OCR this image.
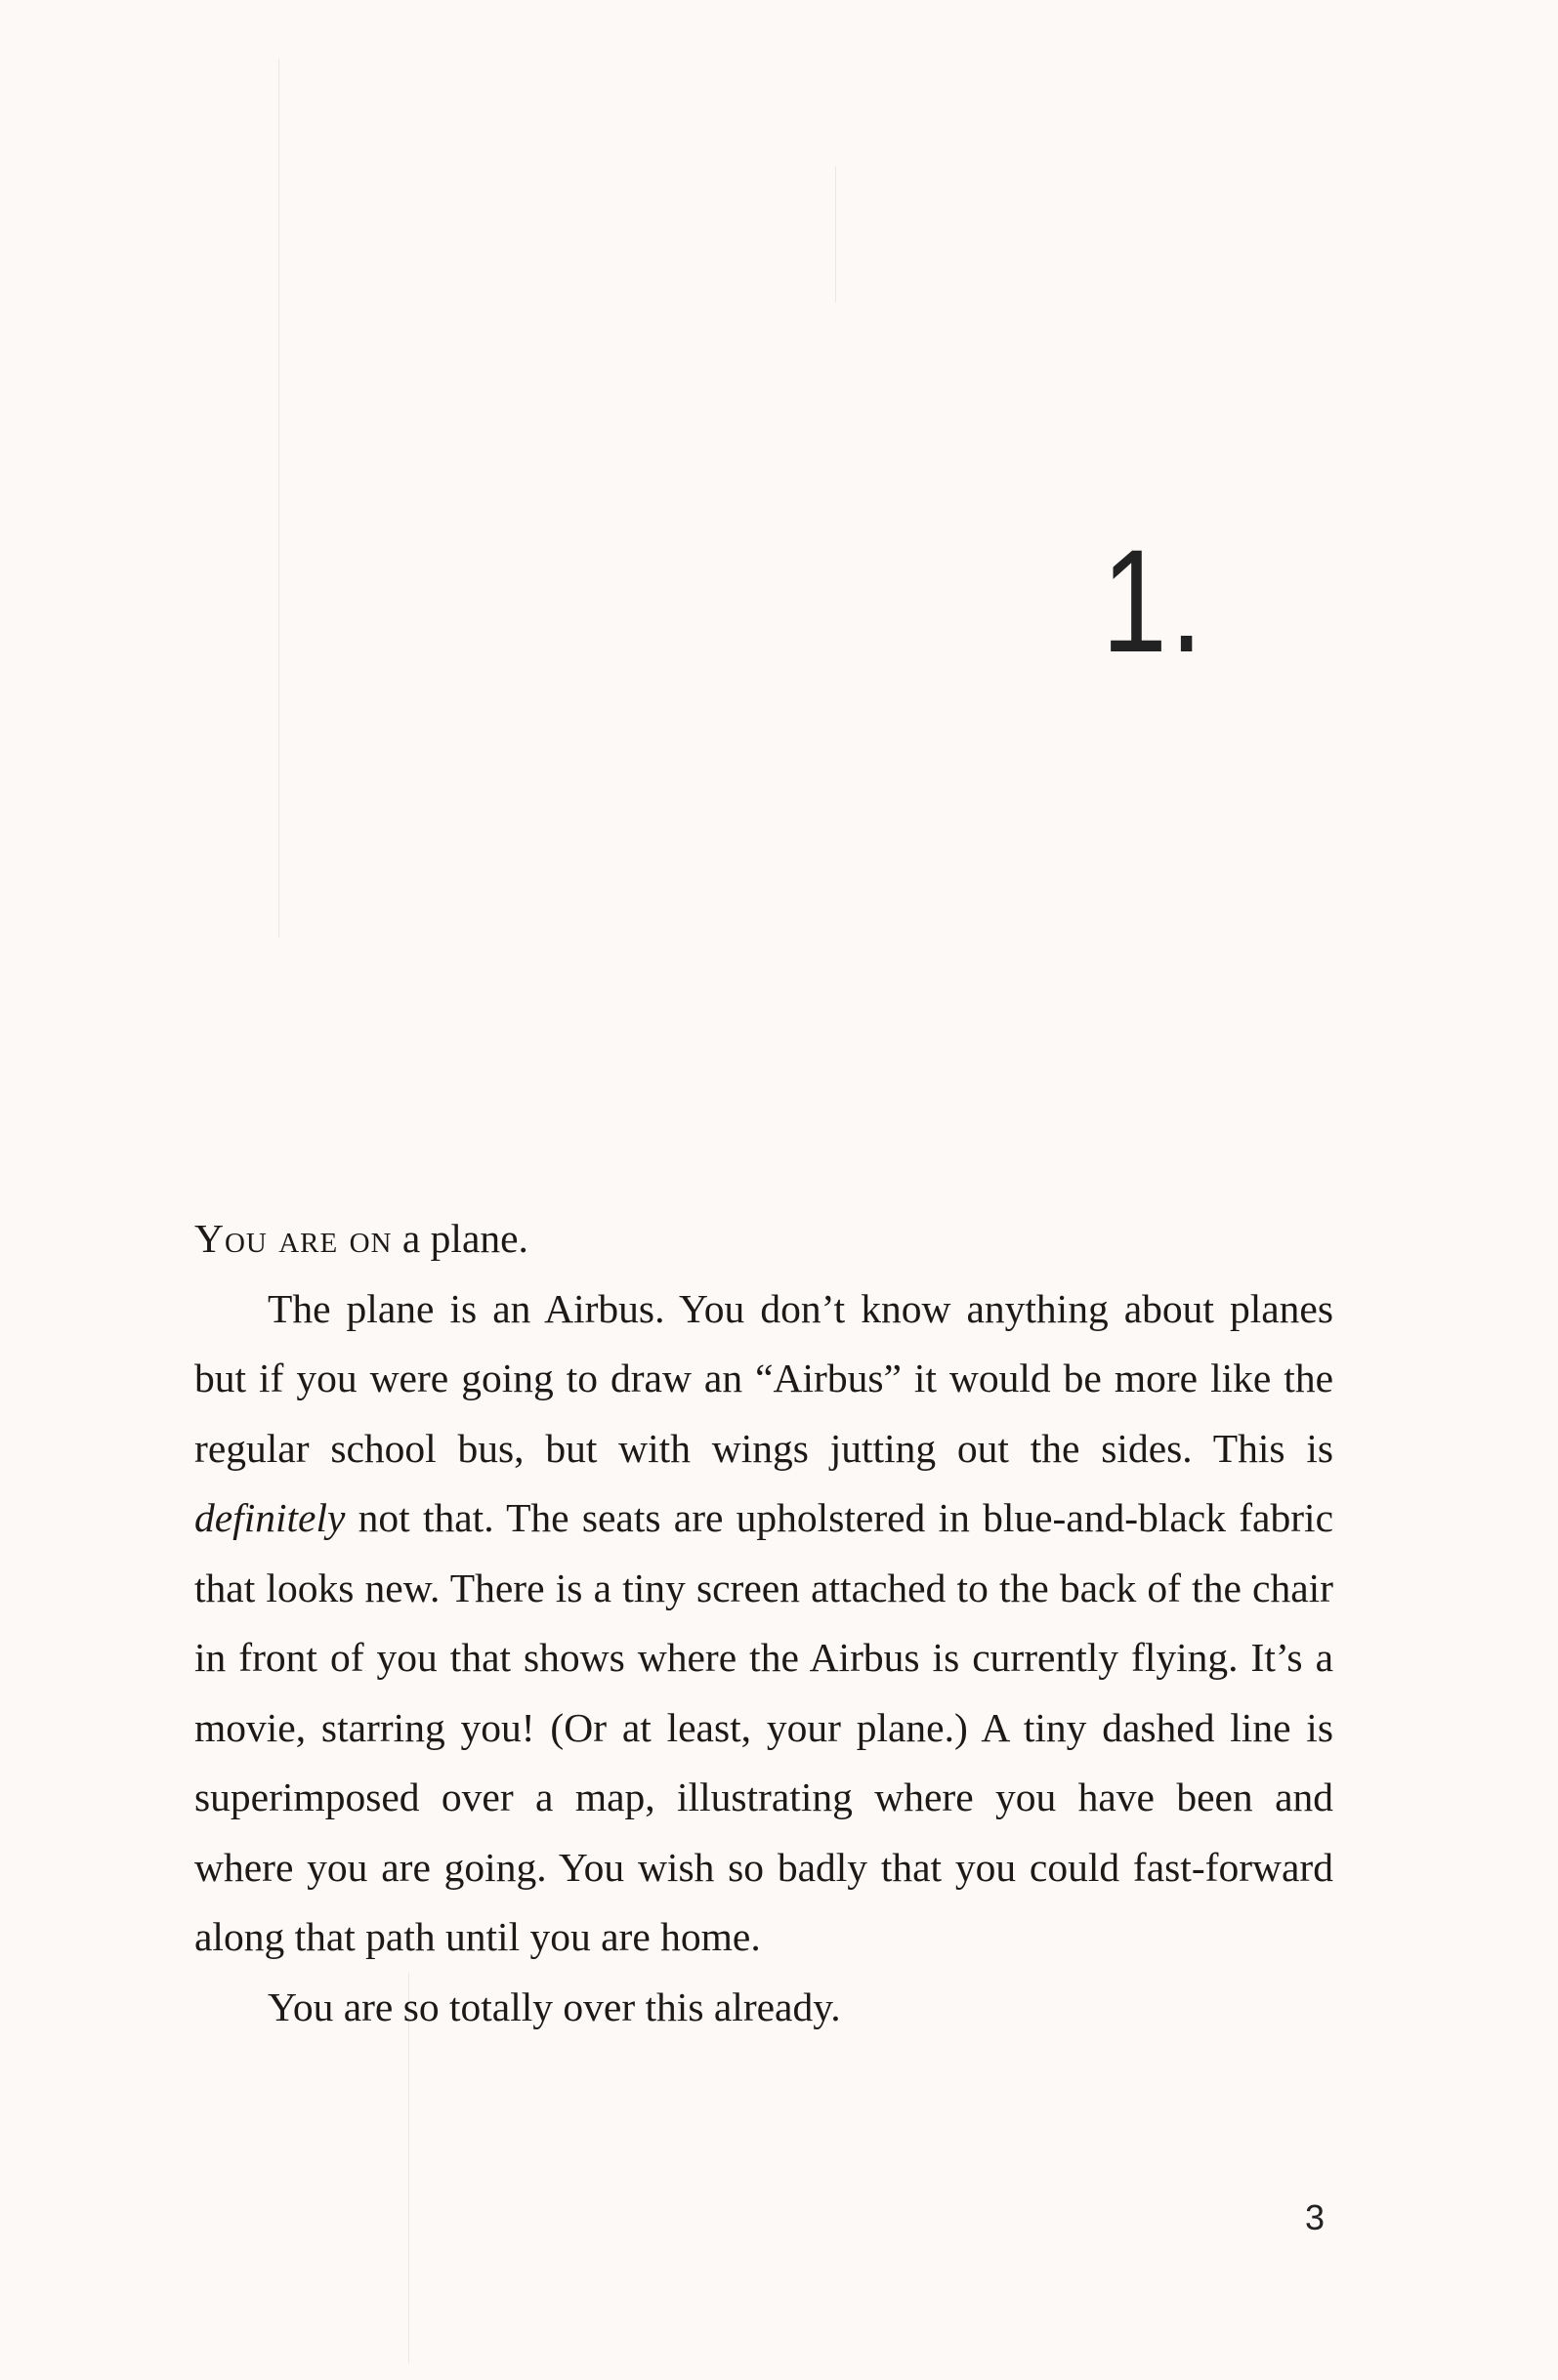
1.

You are on a plane.

The plane is an Airbus. You don’t know anything about planes but if you were going to draw an “Airbus” it would be more like the regular school bus, but with wings jutting out the sides. This is definitely not that. The seats are upholstered in blue-and-black fabric that looks new. There is a tiny screen attached to the back of the chair in front of you that shows where the Airbus is currently flying. It’s a movie, starring you! (Or at least, your plane.) A tiny dashed line is superimposed over a map, illustrating where you have been and where you are going. You wish so badly that you could fast-forward along that path until you are home.

You are so totally over this already.

3
